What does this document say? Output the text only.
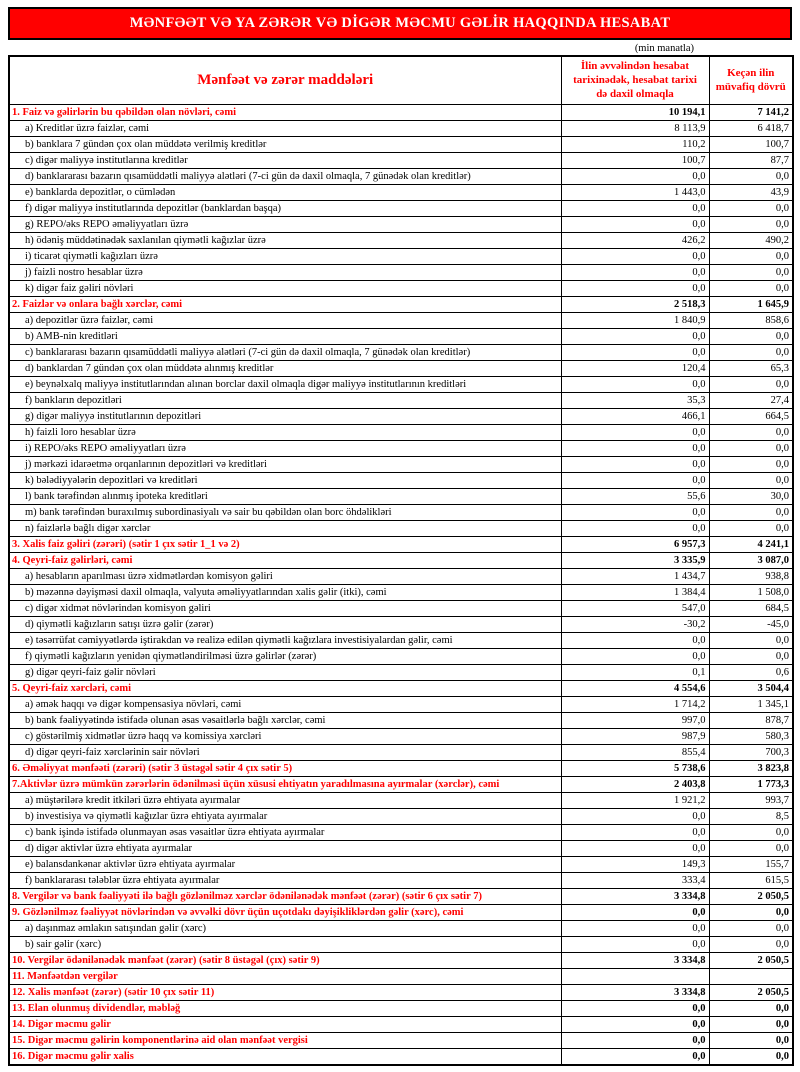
MƏNFƏƏT VƏ YA ZƏRƏR VƏ DİGƏR MƏCMU GƏLİR HAQQINDA HESABAT
(min manatla)
Mənfəət və zərər maddələri	İlin əvvəlindən hesabat tarixinədək, hesabat tarixi də daxil olmaqla	Keçən ilin müvafiq dövrü
1. Faiz və gəlirlərin bu qəbildən olan növləri, cəmi	10 194,1	7 141,2
a) Kreditlər üzrə faizlər, cəmi	8 113,9	6 418,7
b) banklara 7 gündən çox olan müddətə verilmiş kreditlər	110,2	100,7
c) digər maliyyə institutlarına kreditlər	100,7	87,7
d) banklararası bazarın qısamüddətli maliyyə alətləri (7-ci gün də daxil olmaqla, 7 günədək olan kreditlər)	0,0	0,0
e) banklarda depozitlər, o cümlədən	1 443,0	43,9
f) digər maliyyə institutlarında depozitlər (banklardan başqa)	0,0	0,0
g) REPO/əks REPO əməliyyatları üzrə	0,0	0,0
h) ödəniş müddətinədək saxlanılan qiymətli kağızlar üzrə	426,2	490,2
i) ticarət qiymətli kağızları üzrə	0,0	0,0
j) faizli nostro hesablar üzrə	0,0	0,0
k) digər faiz gəliri növləri	0,0	0,0
2. Faizlər və onlara bağlı xərclər, cəmi	2 518,3	1 645,9
a) depozitlər üzrə faizlər, cəmi	1 840,9	858,6
b) AMB-nin kreditləri	0,0	0,0
c) banklararası bazarın qısamüddətli maliyyə alətləri (7-ci gün də daxil olmaqla, 7 günədək olan kreditlər)	0,0	0,0
d) banklardan 7 gündən çox olan müddətə alınmış kreditlər	120,4	65,3
e) beynəlxalq maliyyə institutlarından alınan borclar daxil olmaqla digər maliyyə institutlarının kreditləri	0,0	0,0
f) bankların depozitləri	35,3	27,4
g) digər maliyyə institutlarının depozitləri	466,1	664,5
h) faizli loro hesablar üzrə	0,0	0,0
i) REPO/əks REPO əməliyyatları üzrə	0,0	0,0
j) mərkəzi idarəetmə orqanlarının depozitləri və kreditləri	0,0	0,0
k) bələdiyyələrin depozitləri və kreditləri	0,0	0,0
l) bank tərəfindən alınmış ipoteka kreditləri	55,6	30,0
m) bank tərəfindən buraxılmış subordinasiyalı və sair bu qəbildən olan borc öhdəlikləri	0,0	0,0
n) faizlərlə bağlı digər xərclər	0,0	0,0
3. Xalis faiz gəliri (zərəri) (sətir 1 çıx sətir 1_1 və 2)	6 957,3	4 241,1
4. Qeyri-faiz gəlirləri, cəmi	3 335,9	3 087,0
a) hesabların aparılması üzrə xidmətlərdən komisyon gəliri	1 434,7	938,8
b) məzənnə dəyişməsi daxil olmaqla, valyuta əməliyyatlarından xalis gəlir (itki), cəmi	1 384,4	1 508,0
c) digər xidmət növlərindən komisyon gəliri	547,0	684,5
d) qiymətli kağızların satışı üzrə gəlir (zərər)	-30,2	-45,0
e) təsərrüfat cəmiyyətlərdə iştirakdan və realizə edilən qiymətli kağızlara investisiyalardan gəlir, cəmi	0,0	0,0
f) qiymətli kağızların yenidən qiymətləndirilməsi üzrə gəlirlər (zərər)	0,0	0,0
g) digər qeyri-faiz gəlir növləri	0,1	0,6
5. Qeyri-faiz xərcləri, cəmi	4 554,6	3 504,4
a) əmək haqqı və digər kompensasiya növləri, cəmi	1 714,2	1 345,1
b) bank fəaliyyətində istifadə olunan əsas vəsaitlərlə bağlı xərclər, cəmi	997,0	878,7
c) göstərilmiş xidmətlər üzrə haqq və komissiya xərcləri	987,9	580,3
d) digər qeyri-faiz xərclərinin sair növləri	855,4	700,3
6. Əməliyyat mənfəəti (zərəri) (sətir 3 üstəgəl sətir 4 çıx sətir 5)	5 738,6	3 823,8
7.Aktivlər üzrə mümkün zərərlərin ödənilməsi üçün xüsusi ehtiyatın yaradılmasına ayırmalar (xərclər), cəmi	2 403,8	1 773,3
a) müştərilərə kredit itkiləri üzrə ehtiyata ayırmalar	1 921,2	993,7
b) investisiya və qiymətli kağızlar üzrə ehtiyata ayırmalar	0,0	8,5
c) bank işində istifadə olunmayan əsas vəsaitlər üzrə ehtiyata ayırmalar	0,0	0,0
d) digər aktivlər üzrə ehtiyata ayırmalar	0,0	0,0
e) balansdankənar aktivlər üzrə ehtiyata ayırmalar	149,3	155,7
f) banklararası tələblər üzrə ehtiyata ayırmalar	333,4	615,5
8. Vergilər və bank fəaliyyəti ilə bağlı gözlənilməz xərclər ödənilənədək mənfəət (zərər) (sətir 6 çıx sətir 7)	3 334,8	2 050,5
9. Gözlənilməz fəaliyyət növlərindən və əvvəlki dövr üçün uçotdakı dəyişikliklərdən gəlir (xərc), cəmi	0,0	0,0
a) daşınmaz əmlakın satışından gəlir (xərc)	0,0	0,0
b) sair gəlir (xərc)	0,0	0,0
10. Vergilər ödənilənədək mənfəət (zərər) (sətir 8 üstəgəl (çıx) sətir 9)	3 334,8	2 050,5
11. Mənfəətdən vergilər		
12. Xalis mənfəət (zərər) (sətir 10 çıx sətir 11)	3 334,8	2 050,5
13. Elan olunmuş dividendlər, məbləğ	0,0	0,0
14. Digər məcmu gəlir	0,0	0,0
15. Digər məcmu gəlirin komponentlərinə aid olan mənfəət vergisi	0,0	0,0
16. Digər məcmu gəlir xalis	0,0	0,0
